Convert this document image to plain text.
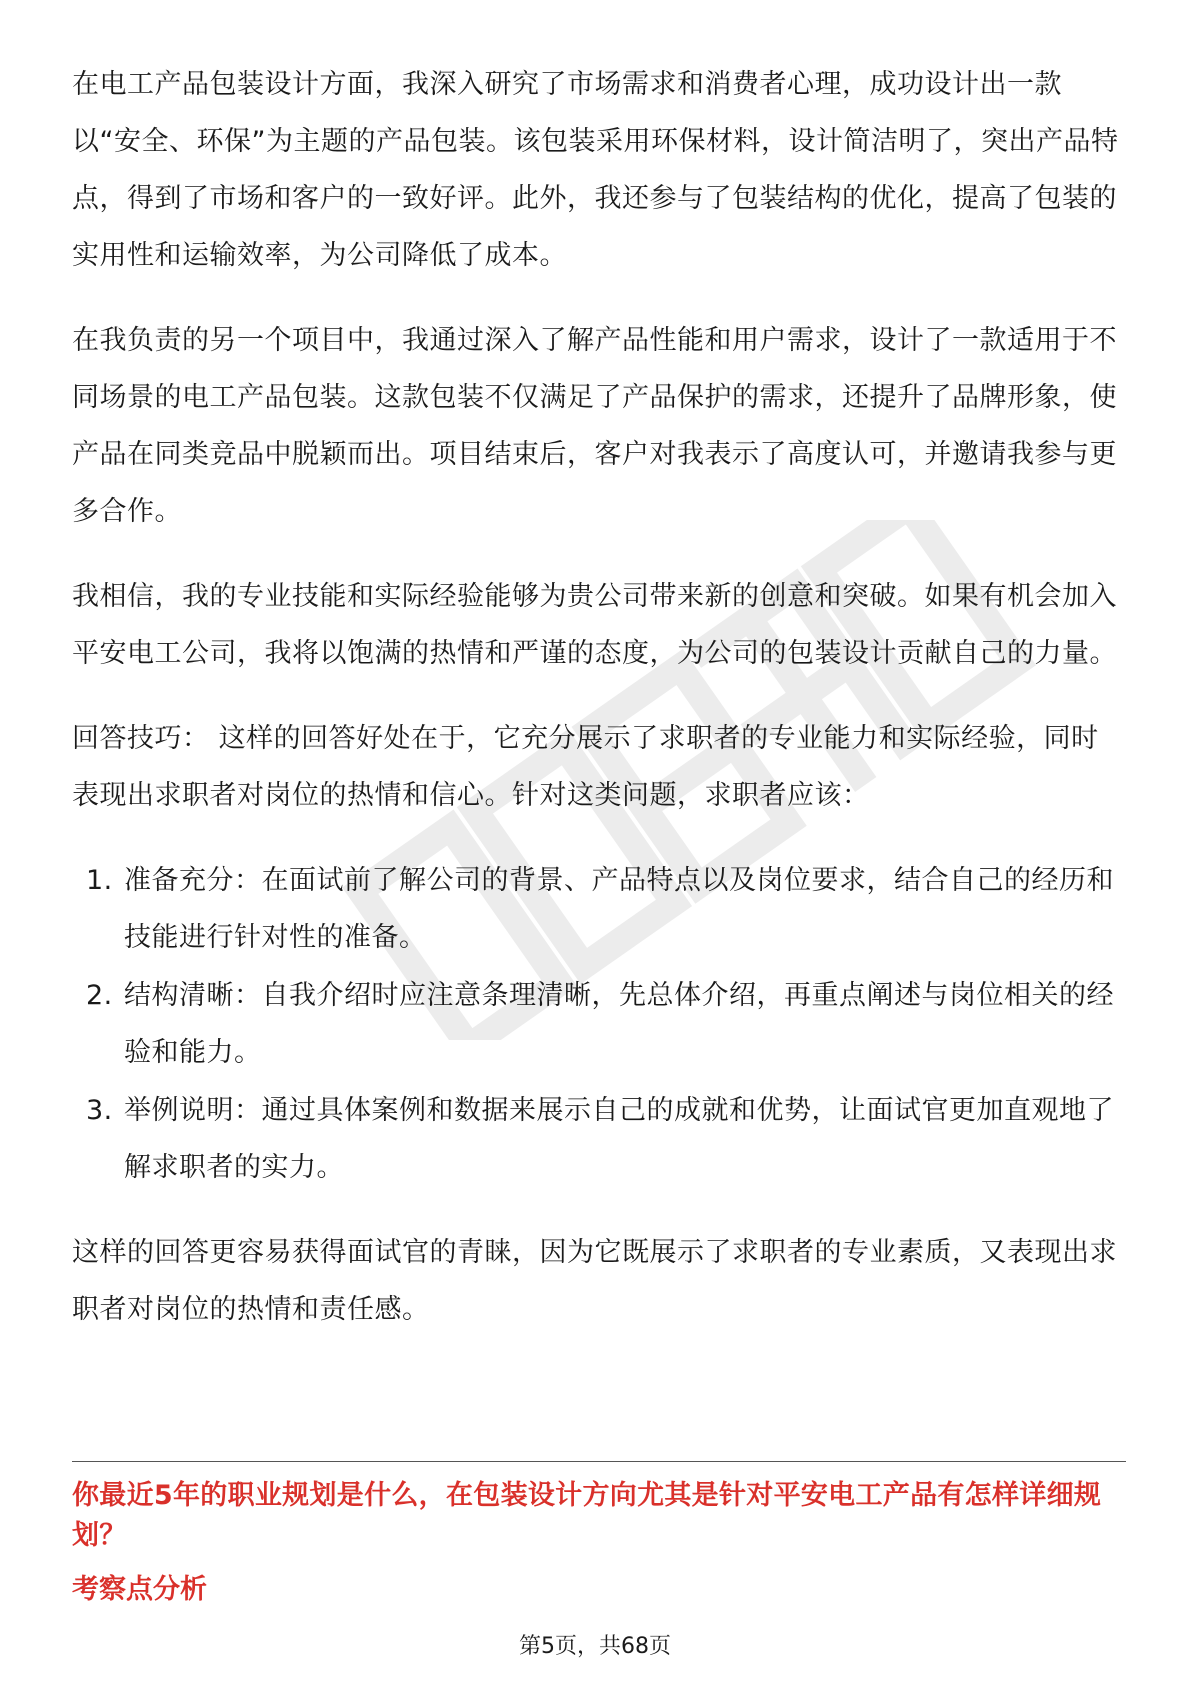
在电工产品包装设计方面，我深入研究了市场需求和消费者心理，成功设计出一款以“安全、环保”为主题的产品包装。该包装采用环保材料，设计简洁明了，突出产品特点，得到了市场和客户的一致好评。此外，我还参与了包装结构的优化，提高了包装的实用性和运输效率，为公司降低了成本。

在我负责的另一个项目中，我通过深入了解产品性能和用户需求，设计了一款适用于不同场景的电工产品包装。这款包装不仅满足了产品保护的需求，还提升了品牌形象，使产品在同类竞品中脱颖而出。项目结束后，客户对我表示了高度认可，并邀请我参与更多合作。

我相信，我的专业技能和实际经验能够为贵公司带来新的创意和突破。如果有机会加入平安电工公司，我将以饱满的热情和严谨的态度，为公司的包装设计贡献自己的力量。

回答技巧： 这样的回答好处在于，它充分展示了求职者的专业能力和实际经验，同时表现出求职者对岗位的热情和信心。针对这类问题，求职者应该：

1. 准备充分：在面试前了解公司的背景、产品特点以及岗位要求，结合自己的经历和技能进行针对性的准备。
2. 结构清晰：自我介绍时应注意条理清晰，先总体介绍，再重点阐述与岗位相关的经验和能力。
3. 举例说明：通过具体案例和数据来展示自己的成就和优势，让面试官更加直观地了解求职者的实力。

这样的回答更容易获得面试官的青睐，因为它既展示了求职者的专业素质，又表现出求职者对岗位的热情和责任感。

你最近5年的职业规划是什么，在包装设计方向尤其是针对平安电工产品有怎样详细规划？
考察点分析
第5页，共68页
